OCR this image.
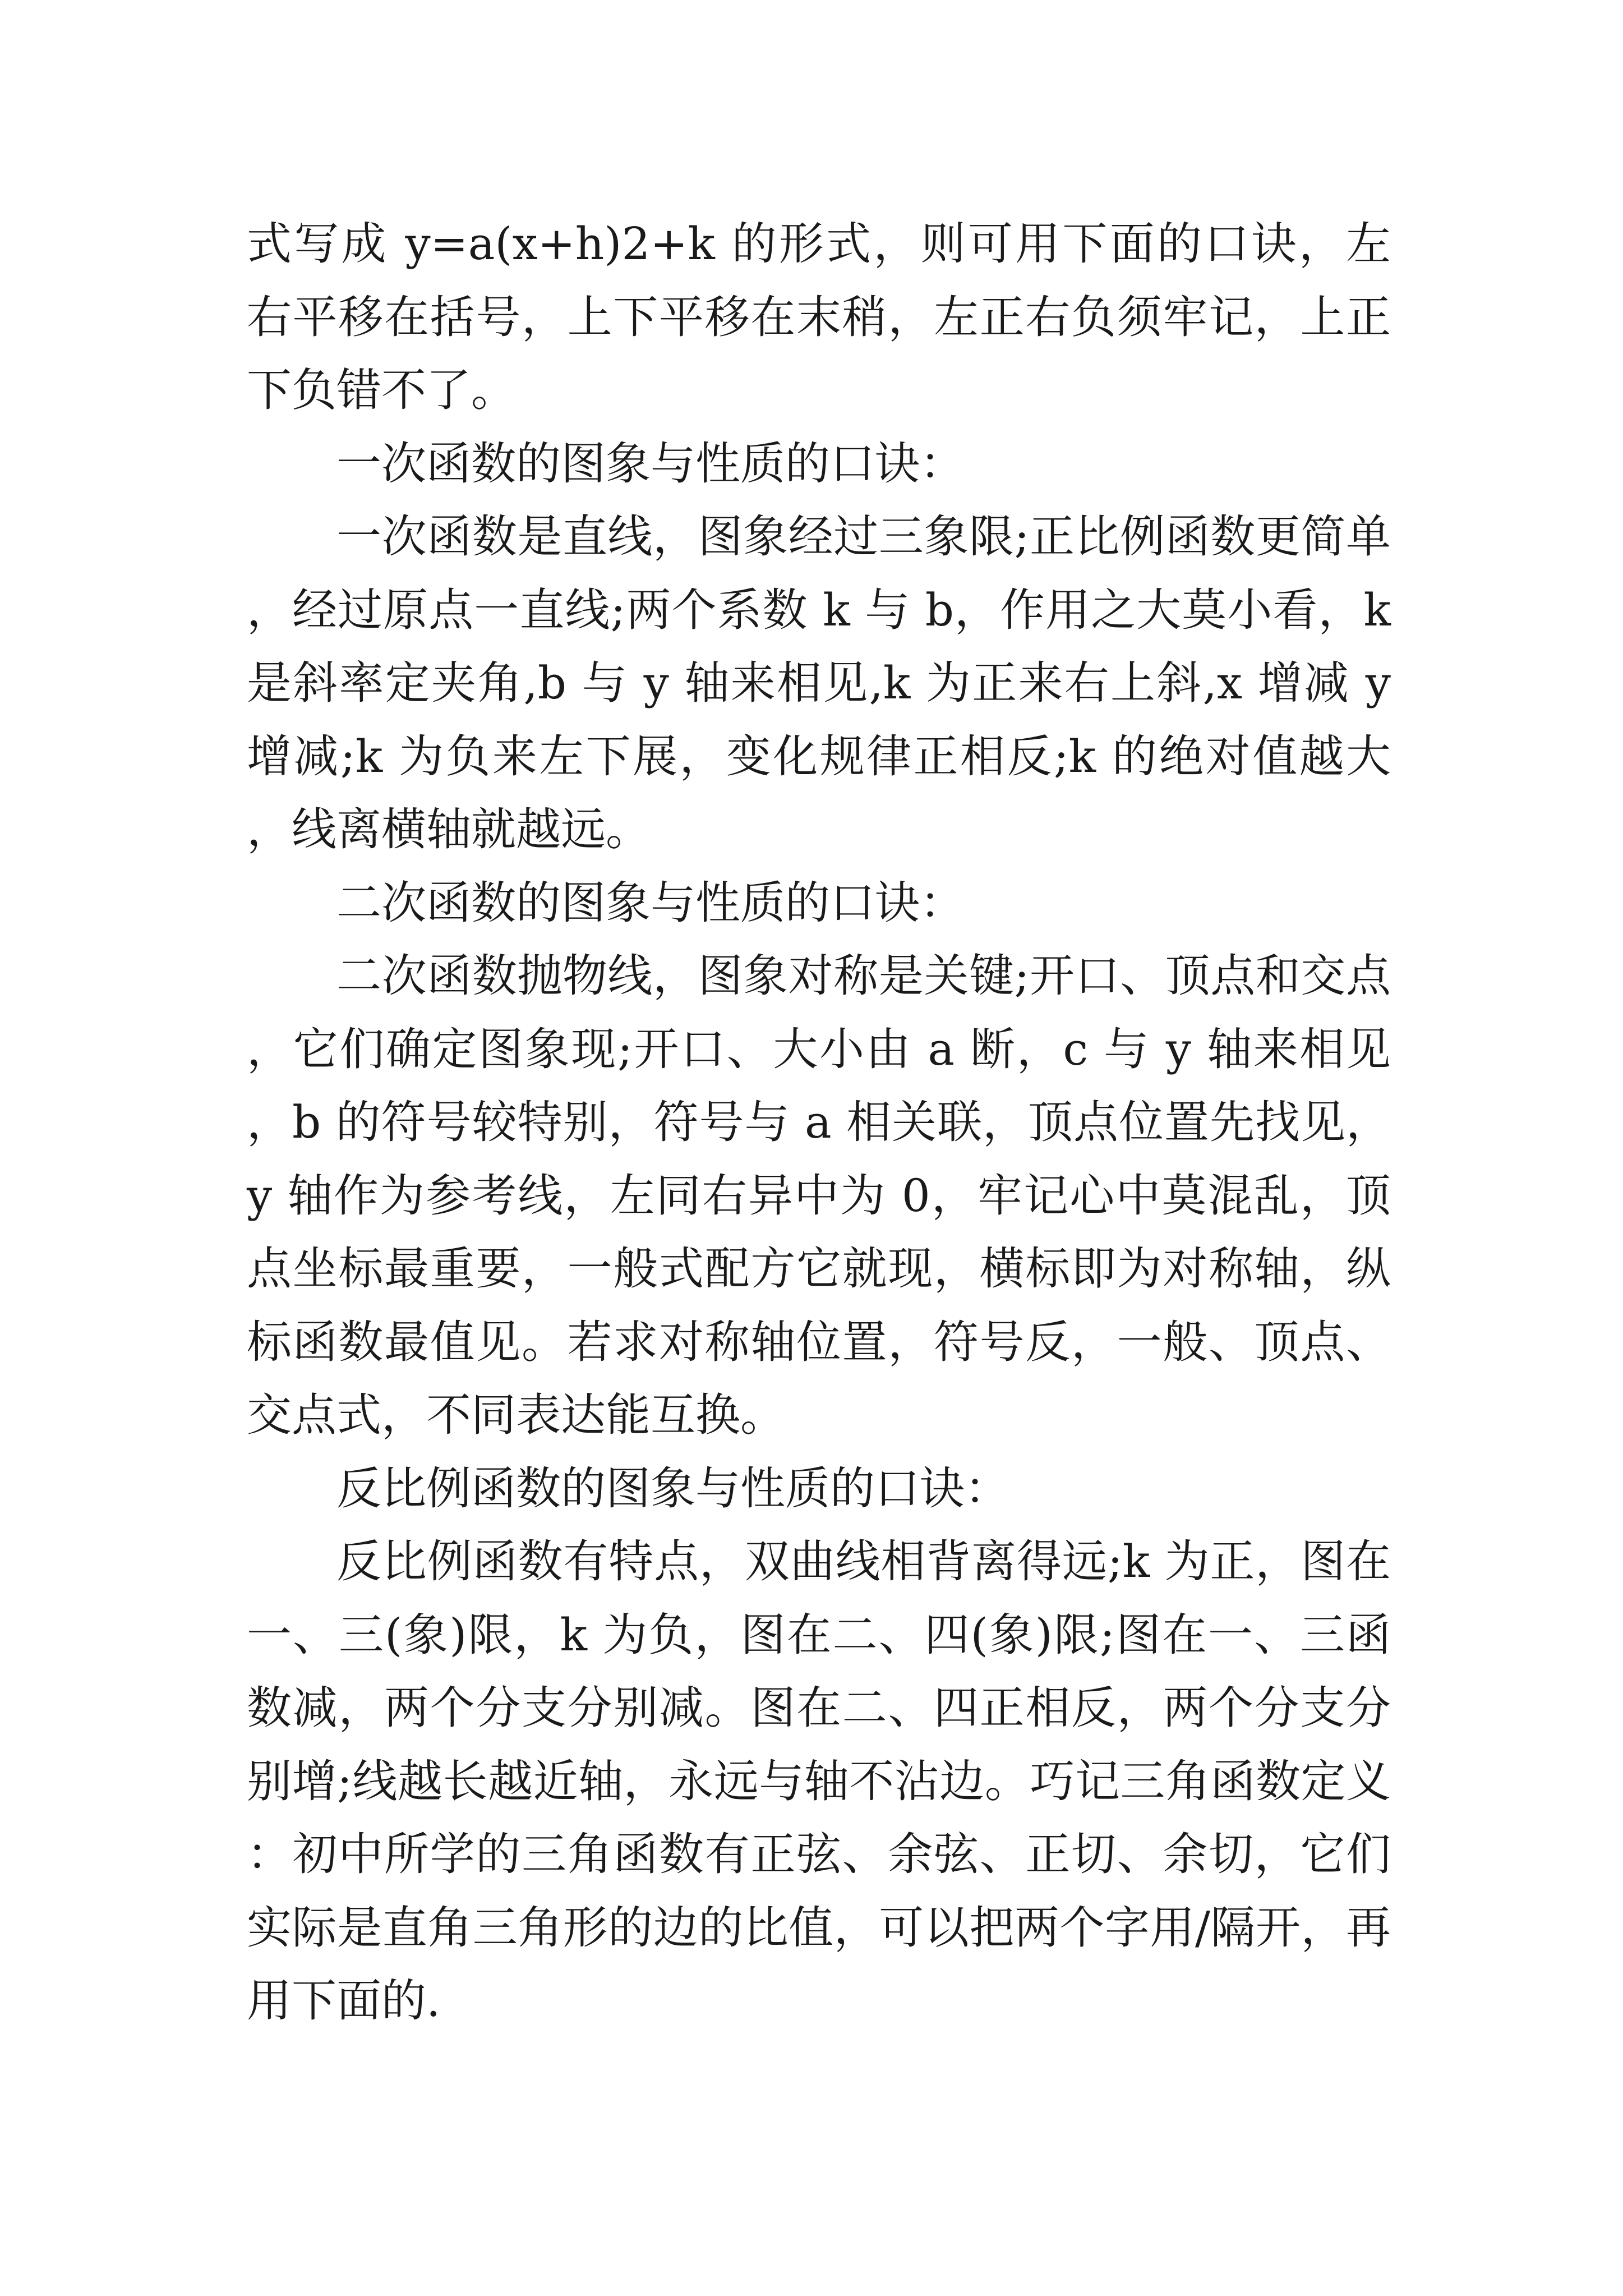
式写成 y=a(x+h)2+k 的形式，则可用下面的口诀，左右平移在括号，上下平移在末稍，左正右负须牢记，上正下负错不了。

一次函数的图象与性质的口诀：

一次函数是直线，图象经过三象限;正比例函数更简单，经过原点一直线;两个系数 k 与 b，作用之大莫小看，k 是斜率定夹角,b 与 y 轴来相见,k 为正来右上斜,x 增减 y 增减;k 为负来左下展，变化规律正相反;k 的绝对值越大，线离横轴就越远。

二次函数的图象与性质的口诀：

二次函数抛物线，图象对称是关键;开口、顶点和交点，它们确定图象现;开口、大小由 a 断，c 与 y 轴来相见，b 的符号较特别，符号与 a 相关联，顶点位置先找见，y 轴作为参考线，左同右异中为 0，牢记心中莫混乱，顶点坐标最重要，一般式配方它就现，横标即为对称轴，纵标函数最值见。若求对称轴位置，符号反，一般、顶点、交点式，不同表达能互换。

反比例函数的图象与性质的口诀：

反比例函数有特点，双曲线相背离得远;k 为正，图在一、三(象)限，k 为负，图在二、四(象)限;图在一、三函数减，两个分支分别减。图在二、四正相反，两个分支分别增;线越长越近轴，永远与轴不沾边。巧记三角函数定义：初中所学的三角函数有正弦、余弦、正切、余切，它们实际是直角三角形的边的比值，可以把两个字用/隔开，再用下面的.
